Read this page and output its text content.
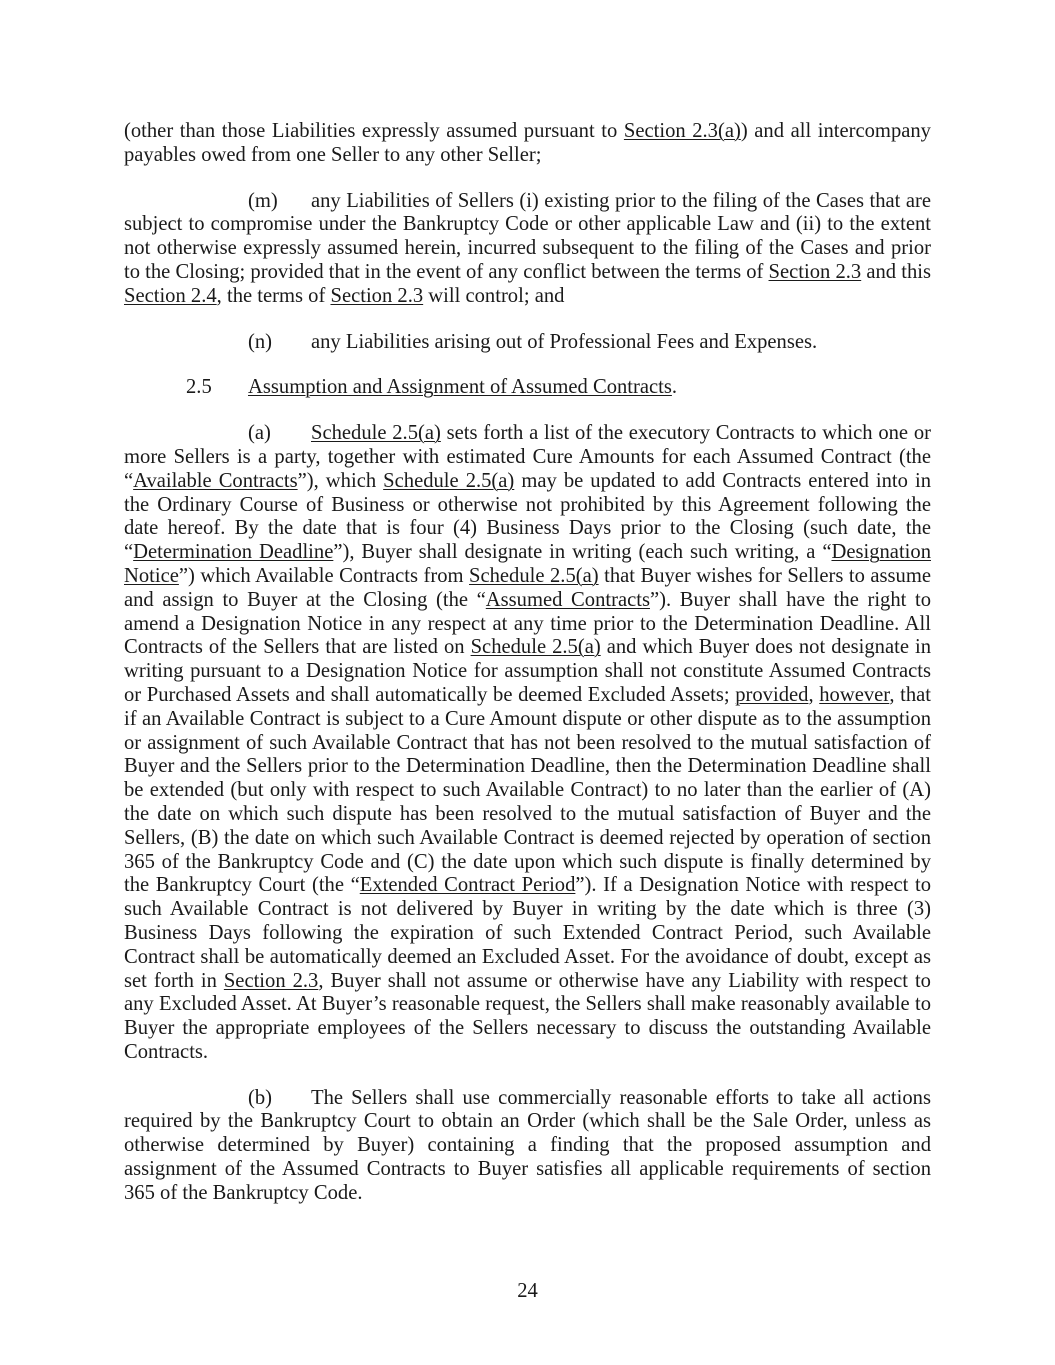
(other than those Liabilities expressly assumed pursuant to Section 2.3(a)) and all intercompany payables owed from one Seller to any other Seller;

(m) any Liabilities of Sellers (i) existing prior to the filing of the Cases that are subject to compromise under the Bankruptcy Code or other applicable Law and (ii) to the extent not otherwise expressly assumed herein, incurred subsequent to the filing of the Cases and prior to the Closing; provided that in the event of any conflict between the terms of Section 2.3 and this Section 2.4, the terms of Section 2.3 will control; and

(n) any Liabilities arising out of Professional Fees and Expenses.

2.5 Assumption and Assignment of Assumed Contracts.

(a) Schedule 2.5(a) sets forth a list of the executory Contracts to which one or more Sellers is a party, together with estimated Cure Amounts for each Assumed Contract (the “Available Contracts”), which Schedule 2.5(a) may be updated to add Contracts entered into in the Ordinary Course of Business or otherwise not prohibited by this Agreement following the date hereof. By the date that is four (4) Business Days prior to the Closing (such date, the “Determination Deadline”), Buyer shall designate in writing (each such writing, a “Designation Notice”) which Available Contracts from Schedule 2.5(a) that Buyer wishes for Sellers to assume and assign to Buyer at the Closing (the “Assumed Contracts”). Buyer shall have the right to amend a Designation Notice in any respect at any time prior to the Determination Deadline. All Contracts of the Sellers that are listed on Schedule 2.5(a) and which Buyer does not designate in writing pursuant to a Designation Notice for assumption shall not constitute Assumed Contracts or Purchased Assets and shall automatically be deemed Excluded Assets; provided, however, that if an Available Contract is subject to a Cure Amount dispute or other dispute as to the assumption or assignment of such Available Contract that has not been resolved to the mutual satisfaction of Buyer and the Sellers prior to the Determination Deadline, then the Determination Deadline shall be extended (but only with respect to such Available Contract) to no later than the earlier of (A) the date on which such dispute has been resolved to the mutual satisfaction of Buyer and the Sellers, (B) the date on which such Available Contract is deemed rejected by operation of section 365 of the Bankruptcy Code and (C) the date upon which such dispute is finally determined by the Bankruptcy Court (the “Extended Contract Period”). If a Designation Notice with respect to such Available Contract is not delivered by Buyer in writing by the date which is three (3) Business Days following the expiration of such Extended Contract Period, such Available Contract shall be automatically deemed an Excluded Asset. For the avoidance of doubt, except as set forth in Section 2.3, Buyer shall not assume or otherwise have any Liability with respect to any Excluded Asset. At Buyer’s reasonable request, the Sellers shall make reasonably available to Buyer the appropriate employees of the Sellers necessary to discuss the outstanding Available Contracts.

(b) The Sellers shall use commercially reasonable efforts to take all actions required by the Bankruptcy Court to obtain an Order (which shall be the Sale Order, unless as otherwise determined by Buyer) containing a finding that the proposed assumption and assignment of the Assumed Contracts to Buyer satisfies all applicable requirements of section 365 of the Bankruptcy Code.

24
